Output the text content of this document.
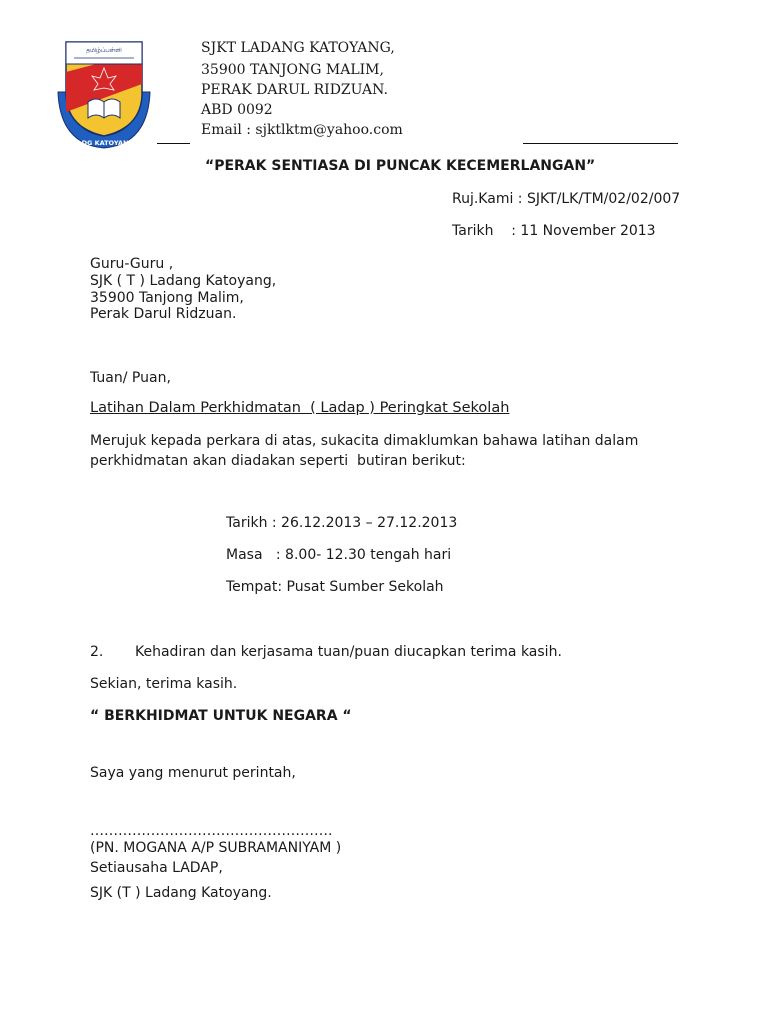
தமிழ்ப்பள்ளி
SJKT LDG KATOYANG, TM
SJKT LADANG KATOYANG,
35900 TANJONG MALIM,
PERAK DARUL RIDZUAN.
ABD 0092
Email : sjktlktm@yahoo.com
“PERAK SENTIASA DI PUNCAK KECEMERLANGAN”
Ruj.Kami : SJKT/LK/TM/02/02/007
Tarikh    : 11 November 2013
Guru-Guru ,
SJK ( T ) Ladang Katoyang,
35900 Tanjong Malim,
Perak Darul Ridzuan.
Tuan/ Puan,
Latihan Dalam Perkhidmatan  ( Ladap ) Peringkat Sekolah
Merujuk kepada perkara di atas, sukacita dimaklumkan bahawa latihan dalam
perkhidmatan akan diadakan seperti  butiran berikut:
Tarikh : 26.12.2013 – 27.12.2013
Masa   : 8.00- 12.30 tengah hari
Tempat: Pusat Sumber Sekolah
2. Kehadiran dan kerjasama tuan/puan diucapkan terima kasih.
Sekian, terima kasih.
“ BERKHIDMAT UNTUK NEGARA “
Saya yang menurut perintah,
…………………………………………….
(PN. MOGANA A/P SUBRAMANIYAM )
Setiausaha LADAP,
SJK (T ) Ladang Katoyang.
